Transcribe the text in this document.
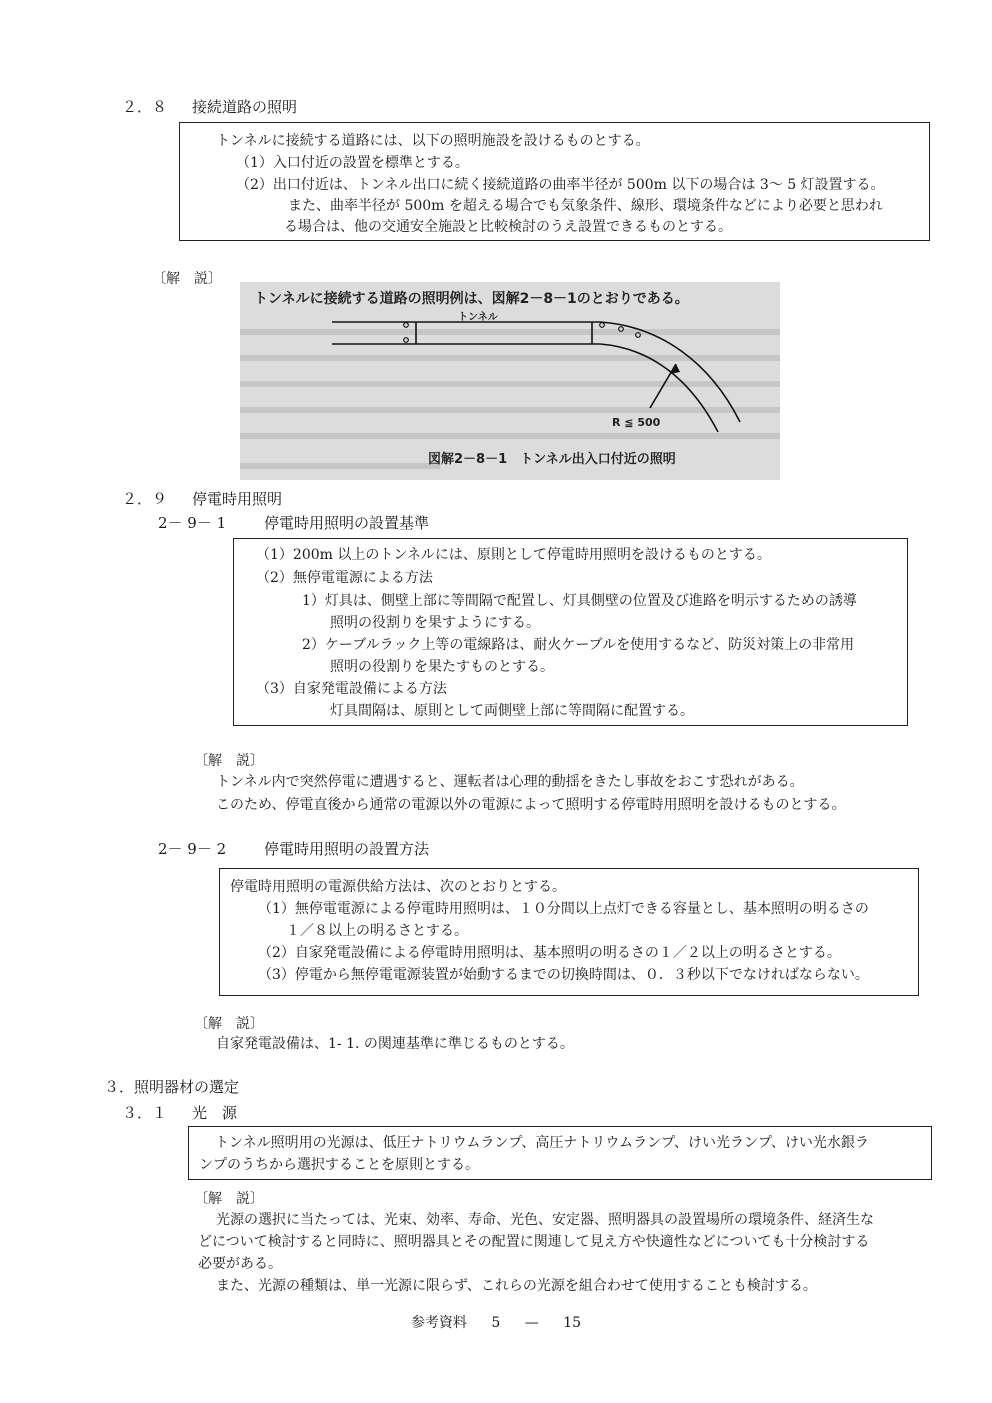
２．８ 接続道路の照明
トンネルに接続する道路には、以下の照明施設を設けるものとする。
（1）入口付近の設置を標準とする。
（2）出口付近は、トンネル出口に続く接続道路の曲率半径が 500m 以下の場合は 3～ 5 灯設置する。
また、曲率半径が 500m を超える場合でも気象条件、線形、環境条件などにより必要と思われ
る場合は、他の交通安全施設と比較検討のうえ設置できるものとする。
〔解　説〕
トンネルに接続する道路の照明例は、図解2－8－1のとおりである。
トンネル
R ≦ 500
図解2－8－1　トンネル出入口付近の照明
２．９ 停電時用照明
2－ 9－ 1	停電時用照明の設置基準
（1）200m 以上のトンネルには、原則として停電時用照明を設けるものとする。
（2）無停電電源による方法
1）灯具は、側壁上部に等間隔で配置し、灯具側壁の位置及び進路を明示するための誘導
照明の役割りを果すようにする。
2）ケーブルラック上等の電線路は、耐火ケーブルを使用するなど、防災対策上の非常用
照明の役割りを果たすものとする。
（3）自家発電設備による方法
灯具間隔は、原則として両側壁上部に等間隔に配置する。
〔解　説〕
トンネル内で突然停電に遭遇すると、運転者は心理的動揺をきたし事故をおこす恐れがある。
このため、停電直後から通常の電源以外の電源によって照明する停電時用照明を設けるものとする。
2－ 9－ 2	停電時用照明の設置方法
停電時用照明の電源供給方法は、次のとおりとする。
（1）無停電電源による停電時用照明は、１０分間以上点灯できる容量とし、基本照明の明るさの
１／８以上の明るさとする。
（2）自家発電設備による停電時用照明は、基本照明の明るさの１／２以上の明るさとする。
（3）停電から無停電電源装置が始動するまでの切換時間は、０．３秒以下でなければならない。
〔解　説〕
自家発電設備は、1- 1. の関連基準に準じるものとする。
３．照明器材の選定
３．１ 光　源
トンネル照明用の光源は、低圧ナトリウムランプ、高圧ナトリウムランプ、けい光ランプ、けい光水銀ラ
ンプのうちから選択することを原則とする。
〔解　説〕
光源の選択に当たっては、光束、効率、寿命、光色、安定器、照明器具の設置場所の環境条件、経済生な
どについて検討すると同時に、照明器具とその配置に関連して見え方や快適性などについても十分検討する
必要がある。
また、光源の種類は、単一光源に限らず、これらの光源を組合わせて使用することも検討する。
参考資料 5 — 15
